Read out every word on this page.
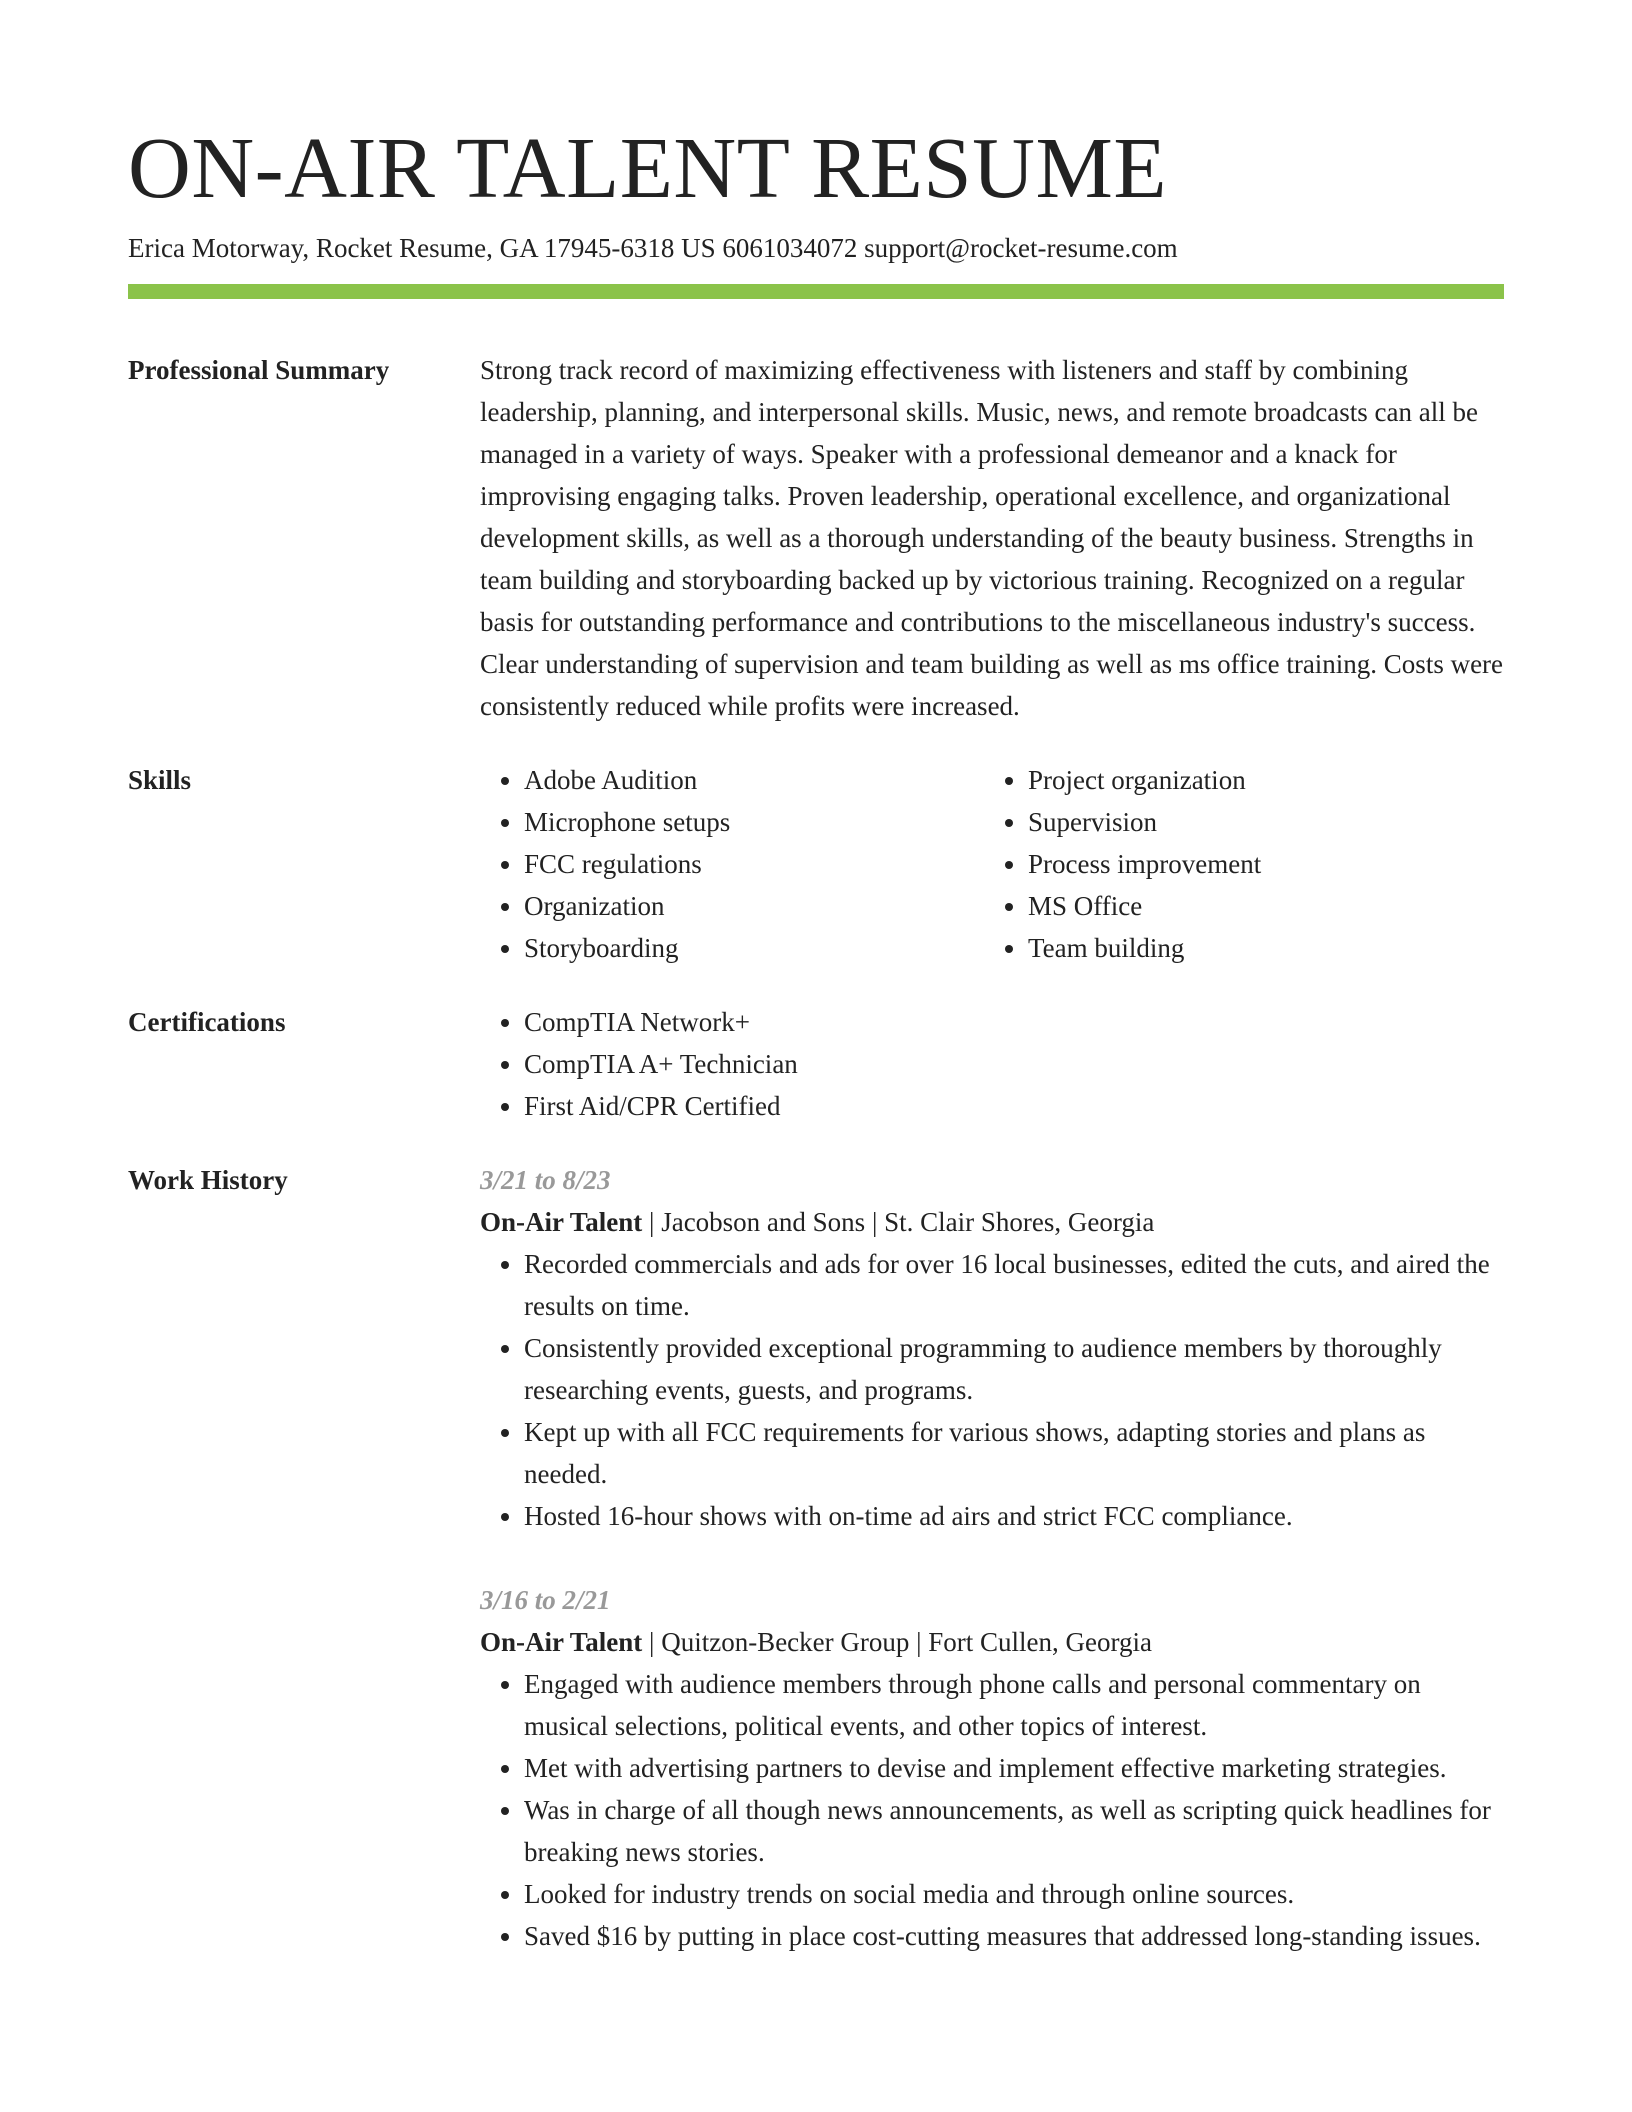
ON-AIR TALENT RESUME
Erica Motorway, Rocket Resume, GA 17945-6318 US 6061034072 support@rocket-resume.com
Professional Summary	Strong track record of maximizing effectiveness with listeners and staff by combining leadership, planning, and interpersonal skills. Music, news, and remote broadcasts can all be managed in a variety of ways. Speaker with a professional demeanor and a knack for improvising engaging talks. Proven leadership, operational excellence, and organizational development skills, as well as a thorough understanding of the beauty business. Strengths in team building and storyboarding backed up by victorious training. Recognized on a regular basis for outstanding performance and contributions to the miscellaneous industry's success. Clear understanding of supervision and team building as well as ms office training. Costs were consistently reduced while profits were increased.
Skills	• Adobe Audition
• Microphone setups
• FCC regulations
• Organization
• Storyboarding
• Project organization
• Supervision
• Process improvement
• MS Office
• Team building
Certifications	• CompTIA Network+
• CompTIA A+ Technician
• First Aid/CPR Certified
Work History	3/21 to 8/23
On-Air Talent | Jacobson and Sons | St. Clair Shores, Georgia
• Recorded commercials and ads for over 16 local businesses, edited the cuts, and aired the results on time.
• Consistently provided exceptional programming to audience members by thoroughly researching events, guests, and programs.
• Kept up with all FCC requirements for various shows, adapting stories and plans as needed.
• Hosted 16-hour shows with on-time ad airs and strict FCC compliance.
3/16 to 2/21
On-Air Talent | Quitzon-Becker Group | Fort Cullen, Georgia
• Engaged with audience members through phone calls and personal commentary on musical selections, political events, and other topics of interest.
• Met with advertising partners to devise and implement effective marketing strategies.
• Was in charge of all though news announcements, as well as scripting quick headlines for breaking news stories.
• Looked for industry trends on social media and through online sources.
• Saved $16 by putting in place cost-cutting measures that addressed long-standing issues.
